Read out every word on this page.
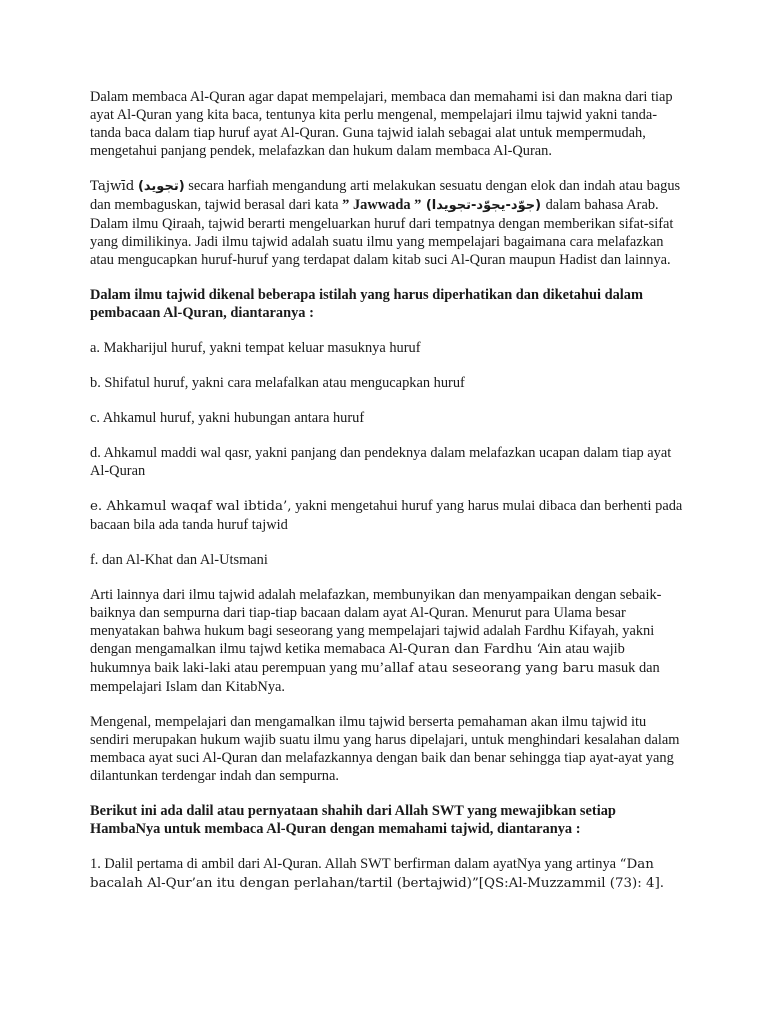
Dalam membaca Al-Quran agar dapat mempelajari, membaca dan memahami isi dan makna dari tiap ayat Al-Quran yang kita baca, tentunya kita perlu mengenal, mempelajari ilmu tajwid yakni tanda-tanda baca dalam tiap huruf ayat Al-Quran. Guna tajwid ialah sebagai alat untuk mempermudah, mengetahui panjang pendek, melafazkan dan hukum dalam membaca Al-Quran.

Tajwīd (تجوید) secara harfiah mengandung arti melakukan sesuatu dengan elok dan indah atau bagus dan membaguskan, tajwid berasal dari kata ” Jawwada ” (جوّد-يجوّد-تجويدا) dalam bahasa Arab. Dalam ilmu Qiraah, tajwid berarti mengeluarkan huruf dari tempatnya dengan memberikan sifat-sifat yang dimilikinya. Jadi ilmu tajwid adalah suatu ilmu yang mempelajari bagaimana cara melafazkan atau mengucapkan huruf-huruf yang terdapat dalam kitab suci Al-Quran maupun Hadist dan lainnya.

Dalam ilmu tajwid dikenal beberapa istilah yang harus diperhatikan dan diketahui dalam pembacaan Al-Quran, diantaranya :

a. Makharijul huruf, yakni tempat keluar masuknya huruf

b. Shifatul huruf, yakni cara melafalkan atau mengucapkan huruf

c. Ahkamul huruf, yakni hubungan antara huruf

d. Ahkamul maddi wal qasr, yakni panjang dan pendeknya dalam melafazkan ucapan dalam tiap ayat Al-Quran

e. Ahkamul waqaf wal ibtida’, yakni mengetahui huruf yang harus mulai dibaca dan berhenti pada bacaan bila ada tanda huruf tajwid

f. dan Al-Khat dan Al-Utsmani

Arti lainnya dari ilmu tajwid adalah melafazkan, membunyikan dan menyampaikan dengan sebaik-baiknya dan sempurna dari tiap-tiap bacaan dalam ayat Al-Quran. Menurut para Ulama besar menyatakan bahwa hukum bagi seseorang yang mempelajari tajwid adalah Fardhu Kifayah, yakni dengan mengamalkan ilmu tajwd ketika memabaca Al-Quran dan Fardhu ‘Ain atau wajib hukumnya baik laki-laki atau perempuan yang mu’allaf atau seseorang yang baru masuk dan mempelajari Islam dan KitabNya.

Mengenal, mempelajari dan mengamalkan ilmu tajwid berserta pemahaman akan ilmu tajwid itu sendiri merupakan hukum wajib suatu ilmu yang harus dipelajari, untuk menghindari kesalahan dalam membaca ayat suci Al-Quran dan melafazkannya dengan baik dan benar sehingga tiap ayat-ayat yang dilantunkan terdengar indah dan sempurna.

Berikut ini ada dalil atau pernyataan shahih dari Allah SWT yang mewajibkan setiap HambaNya untuk membaca Al-Quran dengan memahami tajwid, diantaranya :

1. Dalil pertama di ambil dari Al-Quran. Allah SWT berfirman dalam ayatNya yang artinya “Dan bacalah Al-Qur’an itu dengan perlahan/tartil (bertajwid)”[QS:Al-Muzzammil (73): 4].
